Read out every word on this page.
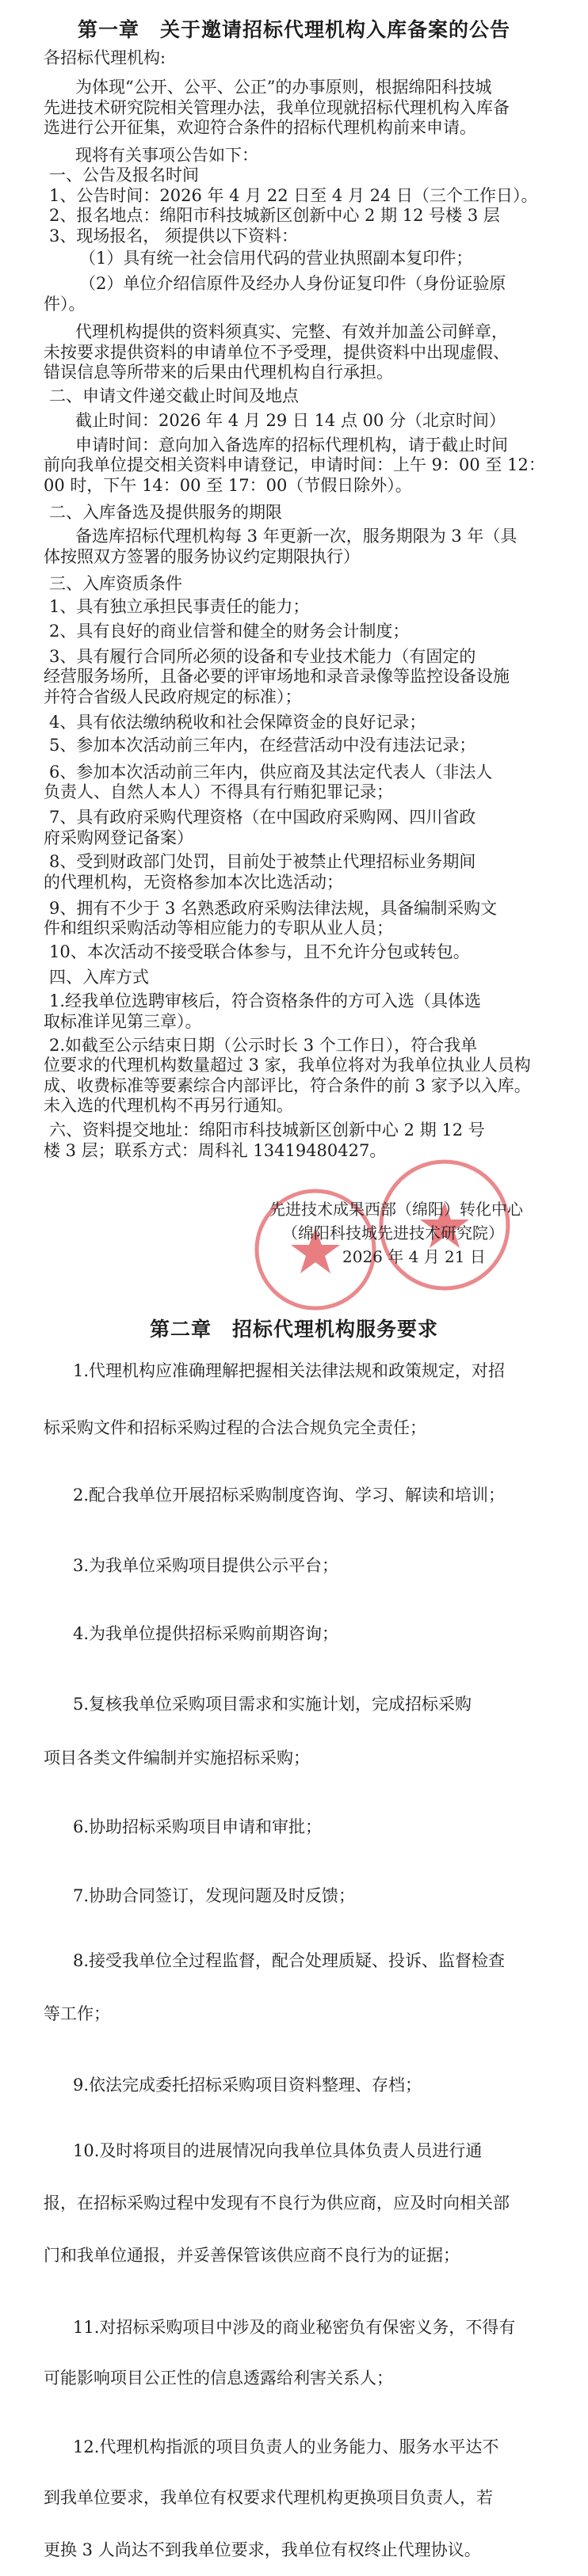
第一章　关于邀请招标代理机构入库备案的公告
各招标代理机构:
为体现“公开、公平、公正”的办事原则，根据绵阳科技城
先进技术研究院相关管理办法，我单位现就招标代理机构入库备
选进行公开征集，欢迎符合条件的招标代理机构前来申请。
现将有关事项公告如下：
一、公告及报名时间
1、公告时间：2026 年 4 月 22 日至 4 月 24 日（三个工作日）。
2、报名地点：绵阳市科技城新区创新中心 2 期 12 号楼 3 层
3、现场报名， 须提供以下资料：
（1）具有统一社会信用代码的营业执照副本复印件；
（2）单位介绍信原件及经办人身份证复印件（身份证验原
件）。
代理机构提供的资料须真实、完整、有效并加盖公司鲜章，
未按要求提供资料的申请单位不予受理，提供资料中出现虚假、
错误信息等所带来的后果由代理机构自行承担。
二、申请文件递交截止时间及地点
截止时间：2026 年 4 月 29 日 14 点 00 分（北京时间）
申请时间：意向加入备选库的招标代理机构，请于截止时间
前向我单位提交相关资料申请登记，申请时间：上午 9：00 至 12：
00 时，下午 14：00 至 17：00（节假日除外）。
二、入库备选及提供服务的期限
备选库招标代理机构每 3 年更新一次，服务期限为 3 年（具
体按照双方签署的服务协议约定期限执行）
三、入库资质条件
1、具有独立承担民事责任的能力；
2、具有良好的商业信誉和健全的财务会计制度；
3、具有履行合同所必须的设备和专业技术能力（有固定的
经营服务场所，且备必要的评审场地和录音录像等监控设备设施
并符合省级人民政府规定的标准）；
4、具有依法缴纳税收和社会保障资金的良好记录；
5、参加本次活动前三年内，在经营活动中没有违法记录；
6、参加本次活动前三年内，供应商及其法定代表人（非法人
负责人、自然人本人）不得具有行贿犯罪记录；
7、具有政府采购代理资格（在中国政府采购网、四川省政
府采购网登记备案）
8、受到财政部门处罚，目前处于被禁止代理招标业务期间
的代理机构，无资格参加本次比选活动；
9、拥有不少于 3 名熟悉政府采购法律法规，具备编制采购文
件和组织采购活动等相应能力的专职从业人员；
10、本次活动不接受联合体参与，且不允许分包或转包。
四、入库方式
1.经我单位选聘审核后，符合资格条件的方可入选（具体选
取标准详见第三章）。
2.如截至公示结束日期（公示时长 3 个工作日），符合我单
位要求的代理机构数量超过 3 家，我单位将对为我单位执业人员构
成、收费标准等要素综合内部评比，符合条件的前 3 家予以入库。
未入选的代理机构不再另行通知。
六、资料提交地址：绵阳市科技城新区创新中心 2 期 12 号
楼 3 层；联系方式：周科礼 13419480427。
先进技术成果西部（绵阳）转化中心
（绵阳科技城先进技术研究院）
2026 年 4 月 21 日
第二章　招标代理机构服务要求
1.代理机构应准确理解把握相关法律法规和政策规定，对招
标采购文件和招标采购过程的合法合规负完全责任；
2.配合我单位开展招标采购制度咨询、学习、解读和培训；
3.为我单位采购项目提供公示平台；
4.为我单位提供招标采购前期咨询；
5.复核我单位采购项目需求和实施计划，完成招标采购
项目各类文件编制并实施招标采购；
6.协助招标采购项目申请和审批；
7.协助合同签订，发现问题及时反馈；
8.接受我单位全过程监督，配合处理质疑、投诉、监督检查
等工作；
9.依法完成委托招标采购项目资料整理、存档；
10.及时将项目的进展情况向我单位具体负责人员进行通
报，在招标采购过程中发现有不良行为供应商，应及时向相关部
门和我单位通报，并妥善保管该供应商不良行为的证据；
11.对招标采购项目中涉及的商业秘密负有保密义务，不得有
可能影响项目公正性的信息透露给利害关系人；
12.代理机构指派的项目负责人的业务能力、服务水平达不
到我单位要求，我单位有权要求代理机构更换项目负责人，若
更换 3 人尚达不到我单位要求，我单位有权终止代理协议。
